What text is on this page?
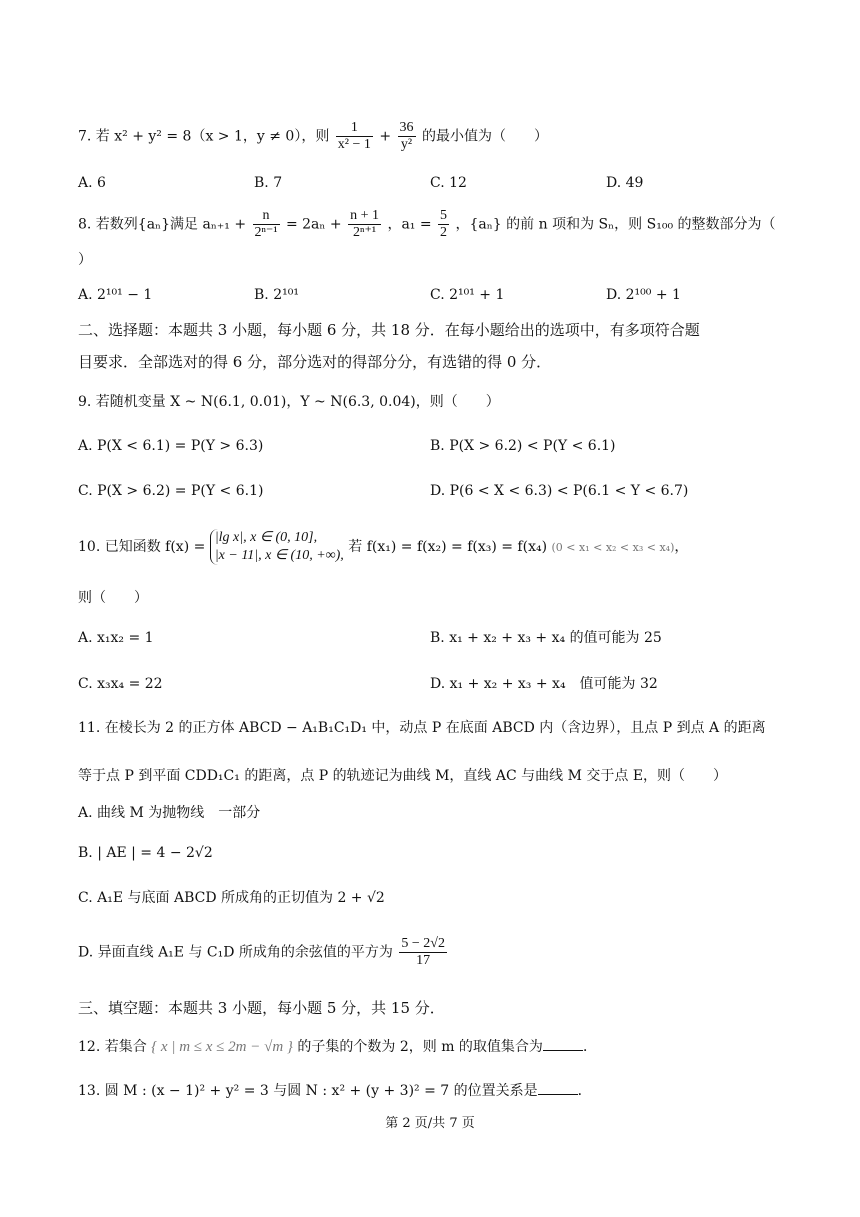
7. 若 x² + y² = 8（x > 1，y ≠ 0），则 $\frac{1}{\text{x² − 1}} + \frac{36}{\text{y²}}$ 的最小值为（　　）
A. 6	B. 7	C. 12	D. 49
8. 若数列{aₙ}满足 $a_{n+1} + \frac{n}{\text{2ⁿ⁻¹}} = 2a_n + \frac{n + 1}{\text{2ⁿ⁺¹}}$ ，$a_1 = \frac{5}{2}$ ，{aₙ} 的前 n 项和为 Sₙ，则 S₁₀₀ 的整数部分为（
）
A. 2¹⁰¹ − 1	B. 2¹⁰¹	C. 2¹⁰¹ + 1	D. 2¹⁰⁰ + 1
二、选择题：本题共 3 小题，每小题 6 分，共 18 分．在每小题给出的选项中，有多项符合题
目要求．全部选对的得 6 分，部分选对的得部分分，有选错的得 0 分．
9. 若随机变量 X ~ N(6.1, 0.01)，Y ~ N(6.3, 0.04)，则（　　）
A. P(X < 6.1) = P(Y > 6.3)	B. P(X > 6.2) < P(Y < 6.1)
C. P(X > 6.2) = P(Y < 6.1)	D. P(6 < X < 6.3) < P(6.1 < Y < 6.7)
10. 已知函数 f(x) =
|lg x|, x ∈ (0, 10],
|x − 11|, x ∈ (10, +∞),
若 f(x₁) = f(x₂) = f(x₃) = f(x₄) (0 < x₁ < x₂ < x₃ < x₄)，
则（　　）
A. x₁x₂ = 1	B. x₁ + x₂ + x₃ + x₄ 的值可能为 25
C. x₃x₄ = 22	D. x₁ + x₂ + x₃ + x₄　值可能为 32
11. 在棱长为 2 的正方体 ABCD − A₁B₁C₁D₁ 中，动点 P 在底面 ABCD 内（含边界），且点 P 到点 A 的距离
等于点 P 到平面 CDD₁C₁ 的距离，点 P 的轨迹记为曲线 M，直线 AC 与曲线 M 交于点 E，则（　　）
A. 曲线 M 为抛物线　一部分
B. | AE | = 4 − 2√2
C. A₁E 与底面 ABCD 所成角的正切值为 2 + √2
D. 异面直线 A₁E 与 C₁D 所成角的余弦值的平方为 $\frac{5 - 2√2}{17}$
三、填空题：本题共 3 小题，每小题 5 分，共 15 分．
12. 若集合 { x | m ≤ x ≤ 2m − √m } 的子集的个数为 2，则 m 的取值集合为	．
13. 圆 M : (x − 1)² + y² = 3 与圆 N : x² + (y + 3)² = 7 的位置关系是	．
第 2 页/共 7 页
